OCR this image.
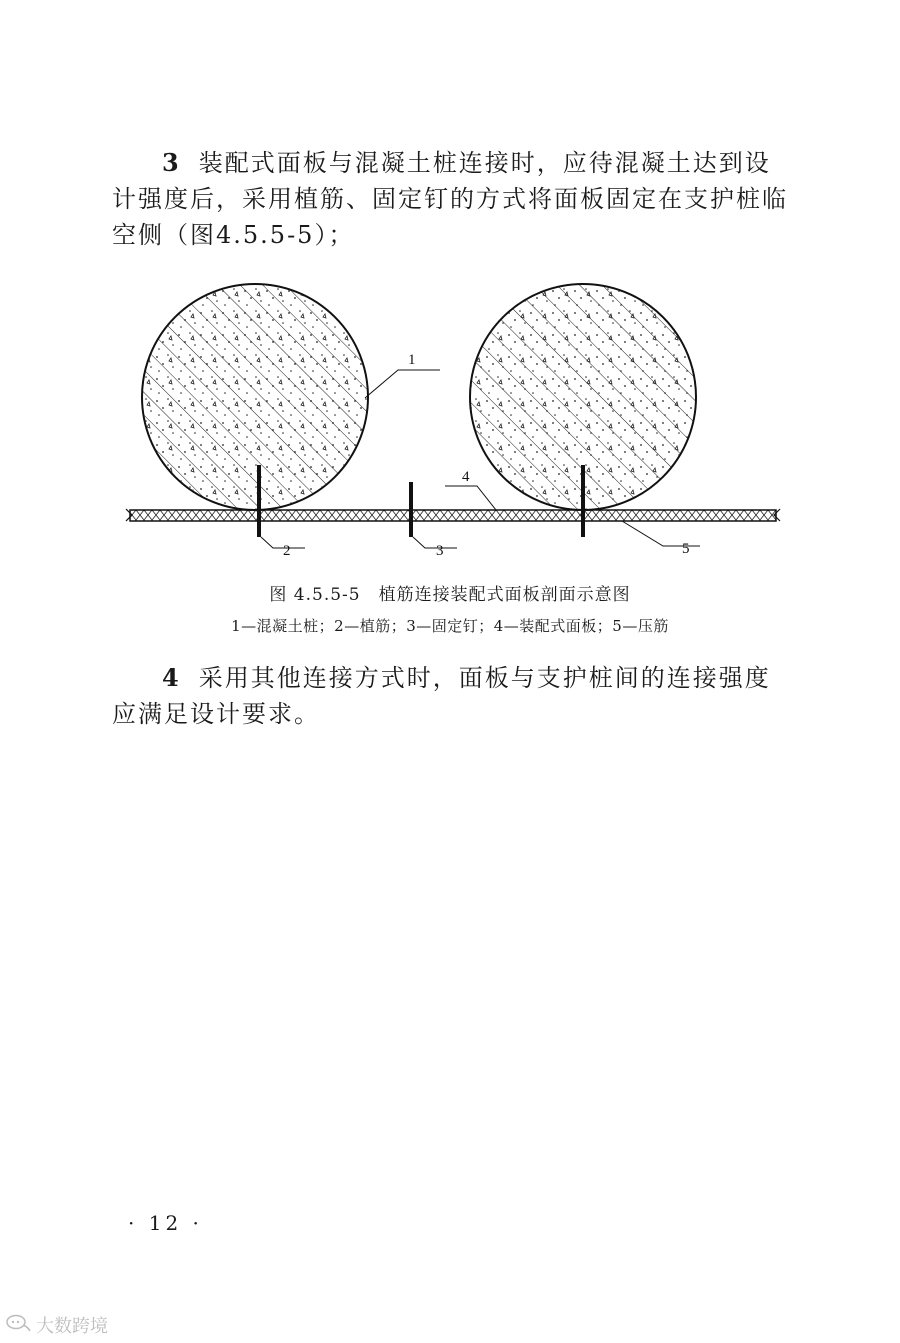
3 装配式面板与混凝土桩连接时，应待混凝土达到设计强度后，采用植筋、固定钉的方式将面板固定在支护桩临空侧（图4.5.5-5）；

1
2	3
4
5

图 4.5.5-5　植筋连接装配式面板剖面示意图

1—混凝土桩；2—植筋；3—固定钉；4—装配式面板；5—压筋

4 采用其他连接方式时，面板与支护桩间的连接强度应满足设计要求。

· 12 ·
大数跨境
